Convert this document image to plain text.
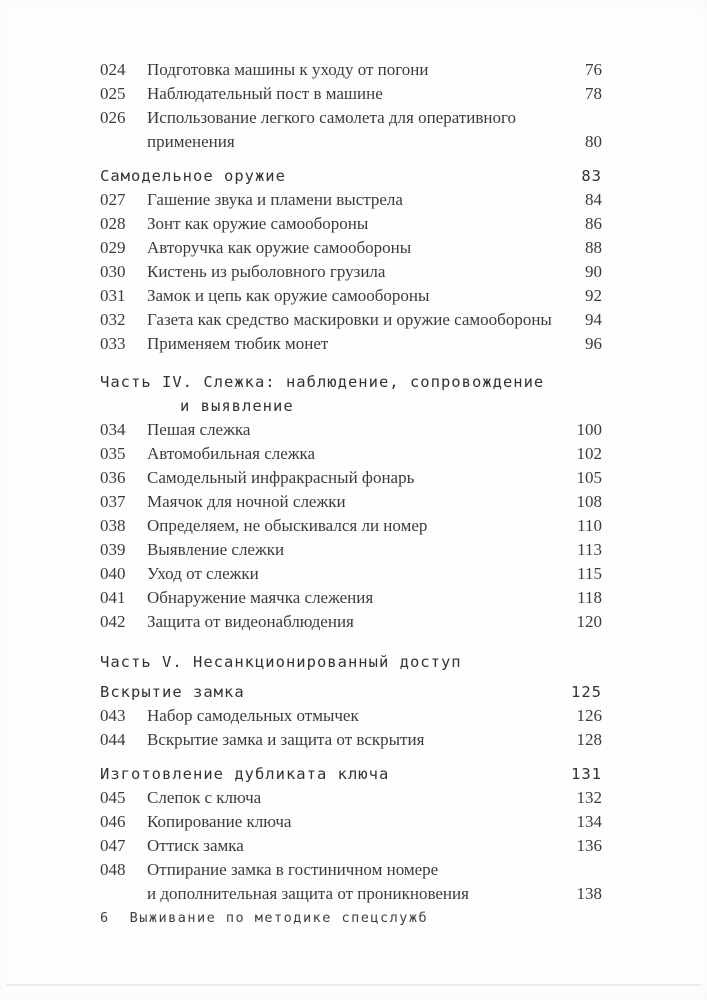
024	Подготовка машины к уходу от погони	76
025	Наблюдательный пост в машине	78
026	Использование легкого самолета для оперативного
применения	80
Самодельное оружие	83
027	Гашение звука и пламени выстрела	84
028	Зонт как оружие самообороны	86
029	Авторучка как оружие самообороны	88
030	Кистень из рыболовного грузила	90
031	Замок и цепь как оружие самообороны	92
032	Газета как средство маскировки и оружие самообороны	94
033	Применяем тюбик монет	96
Часть IV. Слежка: наблюдение, сопровождение
и выявление
034	Пешая слежка	100
035	Автомобильная слежка	102
036	Самодельный инфракрасный фонарь	105
037	Маячок для ночной слежки	108
038	Определяем, не обыскивался ли номер	110
039	Выявление слежки	113
040	Уход от слежки	115
041	Обнаружение маячка слежения	118
042	Защита от видеонаблюдения	120
Часть V. Несанкционированный доступ
Вскрытие замка	125
043	Набор самодельных отмычек	126
044	Вскрытие замка и защита от вскрытия	128
Изготовление дубликата ключа	131
045	Слепок с ключа	132
046	Копирование ключа	134
047	Оттиск замка	136
048	Отпирание замка в гостиничном номере
и дополнительная защита от проникновения	138
6 Выживание по методике спецслужб
